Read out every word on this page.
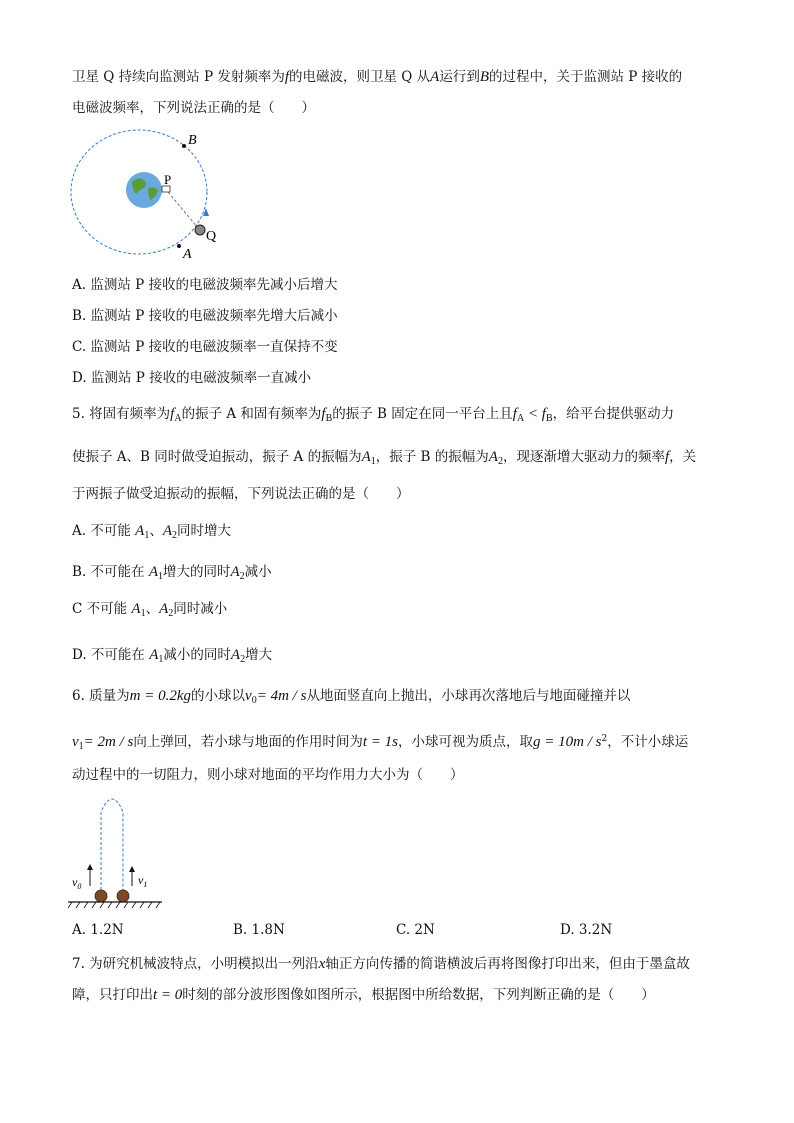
卫星 Q 持续向监测站 P 发射频率为f的电磁波，则卫星 Q 从A运行到B的过程中，关于监测站 P 接收的
电磁波频率，下列说法正确的是（　　）
B
P
Q
A
A. 监测站 P 接收的电磁波频率先减小后增大
B. 监测站 P 接收的电磁波频率先增大后减小
C. 监测站 P 接收的电磁波频率一直保持不变
D. 监测站 P 接收的电磁波频率一直减小
5. 将固有频率为$f_A$的振子 A 和固有频率为$f_B$的振子 B 固定在同一平台上且$f_A < f_B$，给平台提供驱动力
使振子 A、B 同时做受迫振动，振子 A 的振幅为$A_1$，振子 B 的振幅为$A_2$，现逐渐增大驱动力的频率f，关
于两振子做受迫振动的振幅，下列说法正确的是（　　）
A. 不可能 $A_1$、$A_2$同时增大
B. 不可能在 $A_1$增大的同时$A_2$减小
C 不可能 $A_1$、$A_2$同时减小
D. 不可能在 $A_1$减小的同时$A_2$增大
6. 质量为m = 0.2kg的小球以$v_0= 4m / s$从地面竖直向上抛出，小球再次落地后与地面碰撞并以
$v_1= 2m / s$向上弹回，若小球与地面的作用时间为t = 1s，小球可视为质点，取$g = 10m / s^2$，不计小球运
动过程中的一切阻力，则小球对地面的平均作用力大小为（　　）
$v_0$	$v_1$
A. 1.2N	B. 1.8N	C. 2N	D. 3.2N
7. 为研究机械波特点，小明模拟出一列沿x轴正方向传播的简谐横波后再将图像打印出来，但由于墨盒故
障，只打印出t = 0时刻的部分波形图像如图所示，根据图中所给数据，下列判断正确的是（　　）
